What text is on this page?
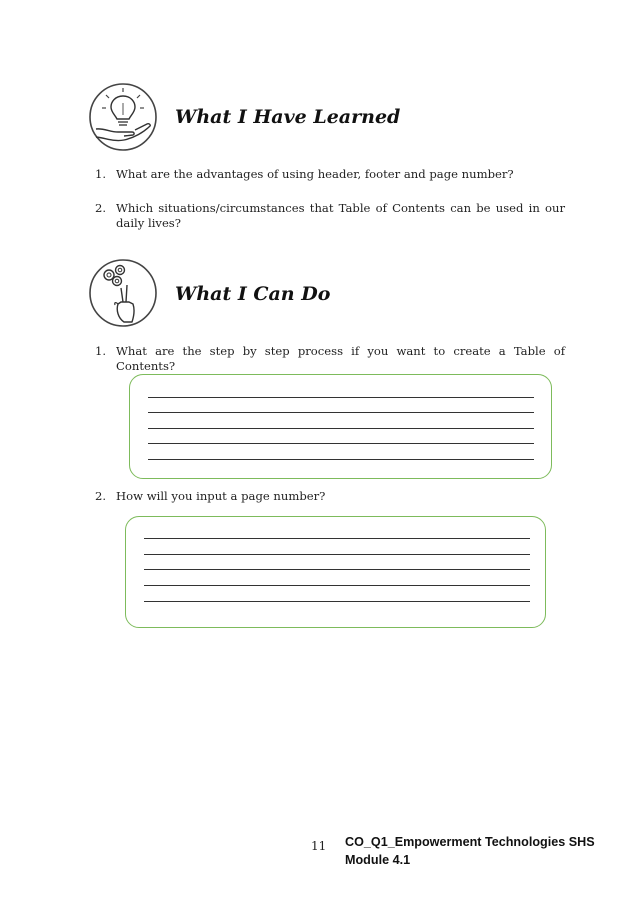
What I Have Learned
1. What are the advantages of using header, footer and page number?
2. Which situations/circumstances that Table of Contents can be used in our daily lives?
What I Can Do
1. What are the step by step process if you want to create a Table of Contents?
2. How will you input a page number?
11 CO_Q1_Empowerment Technologies SHS
Module 4.1
